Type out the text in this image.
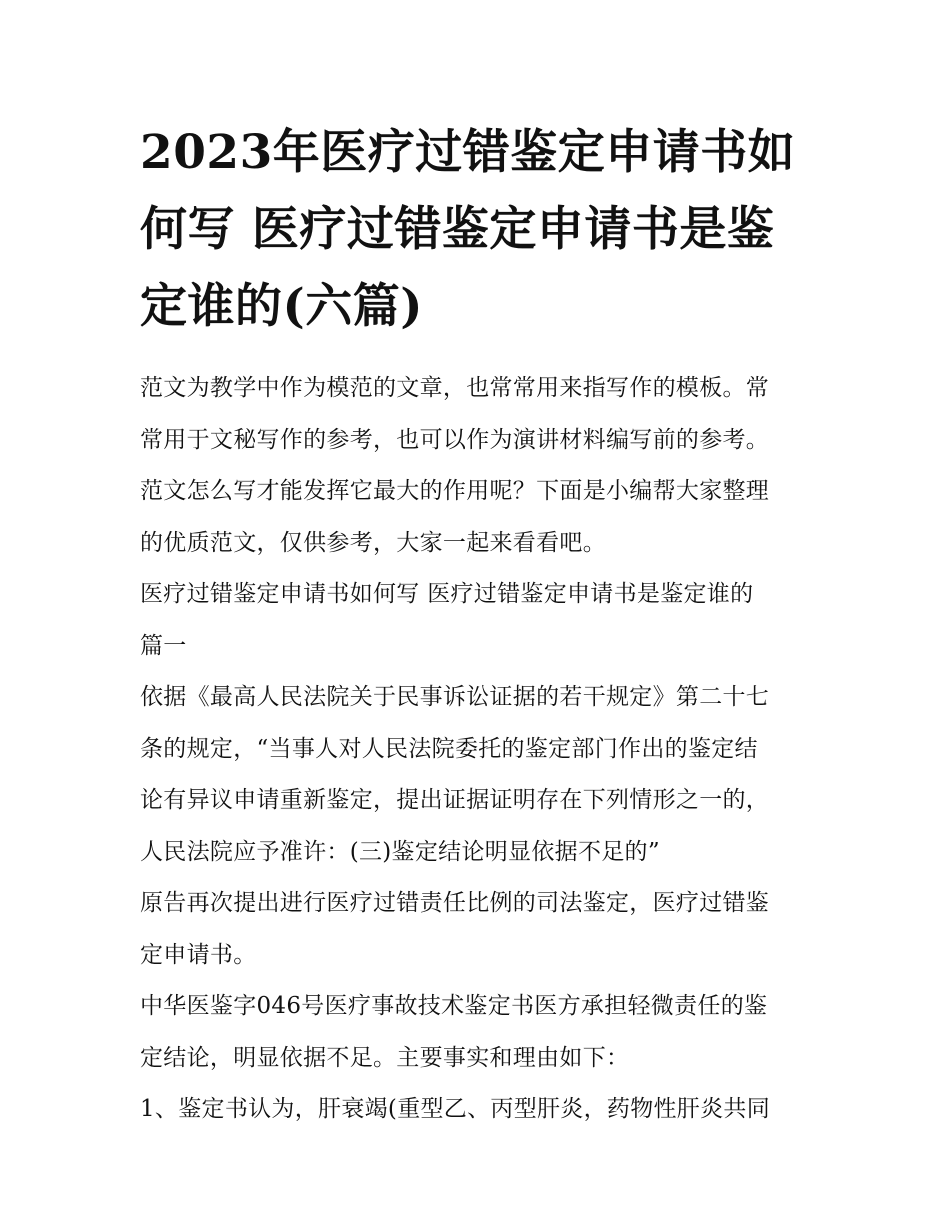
2023年医疗过错鉴定申请书如
何写 医疗过错鉴定申请书是鉴
定谁的(六篇)

范文为教学中作为模范的文章，也常常用来指写作的模板。常
常用于文秘写作的参考，也可以作为演讲材料编写前的参考。
范文怎么写才能发挥它最大的作用呢？下面是小编帮大家整理
的优质范文，仅供参考，大家一起来看看吧。

医疗过错鉴定申请书如何写 医疗过错鉴定申请书是鉴定谁的
篇一

依据《最高人民法院关于民事诉讼证据的若干规定》第二十七
条的规定，“当事人对人民法院委托的鉴定部门作出的鉴定结
论有异议申请重新鉴定，提出证据证明存在下列情形之一的，
人民法院应予准许：(三)鉴定结论明显依据不足的”

原告再次提出进行医疗过错责任比例的司法鉴定，医疗过错鉴
定申请书。

中华医鉴字046号医疗事故技术鉴定书医方承担轻微责任的鉴
定结论，明显依据不足。主要事实和理由如下：

1、鉴定书认为，肝衰竭(重型乙、丙型肝炎，药物性肝炎共同
